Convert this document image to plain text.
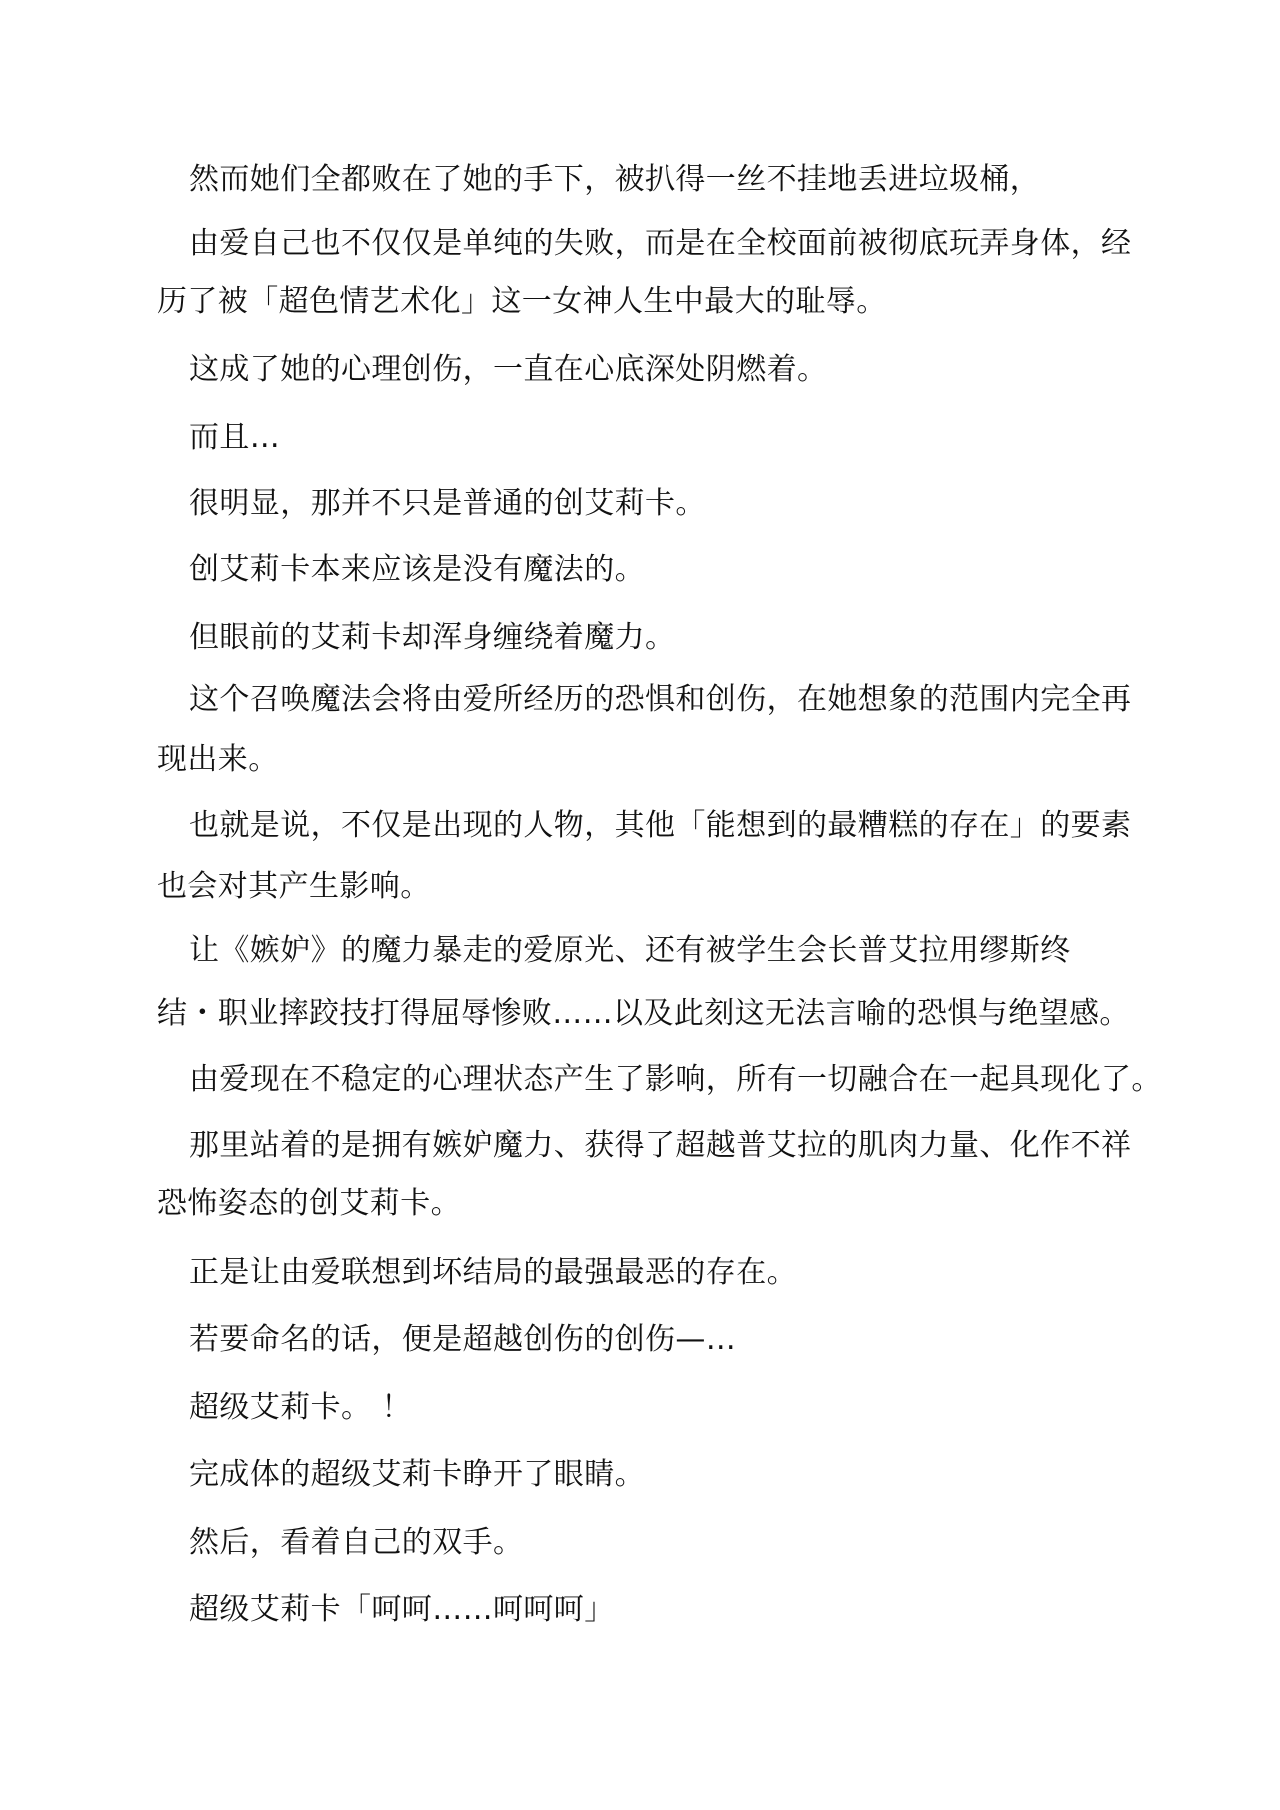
然而她们全都败在了她的手下，被扒得一丝不挂地丢进垃圾桶，
由爱自己也不仅仅是单纯的失败，而是在全校面前被彻底玩弄身体，经
历了被「超色情艺术化」这一女神人生中最大的耻辱。
这成了她的心理创伤，一直在心底深处阴燃着。
而且…
很明显，那并不只是普通的创艾莉卡。
创艾莉卡本来应该是没有魔法的。
但眼前的艾莉卡却浑身缠绕着魔力。
这个召唤魔法会将由爱所经历的恐惧和创伤，在她想象的范围内完全再
现出来。
也就是说，不仅是出现的人物，其他「能想到的最糟糕的存在」的要素
也会对其产生影响。
让《嫉妒》的魔力暴走的爱原光、还有被学生会长普艾拉用缪斯终
结・职业摔跤技打得屈辱惨败……以及此刻这无法言喻的恐惧与绝望感。
由爱现在不稳定的心理状态产生了影响，所有一切融合在一起具现化了。
那里站着的是拥有嫉妒魔力、获得了超越普艾拉的肌肉力量、化作不祥
恐怖姿态的创艾莉卡。
正是让由爱联想到坏结局的最强最恶的存在。
若要命名的话，便是超越创伤的创伤—…
超级艾莉卡。 ！
完成体的超级艾莉卡睁开了眼睛。
然后，看着自己的双手。
超级艾莉卡「呵呵……呵呵呵」
